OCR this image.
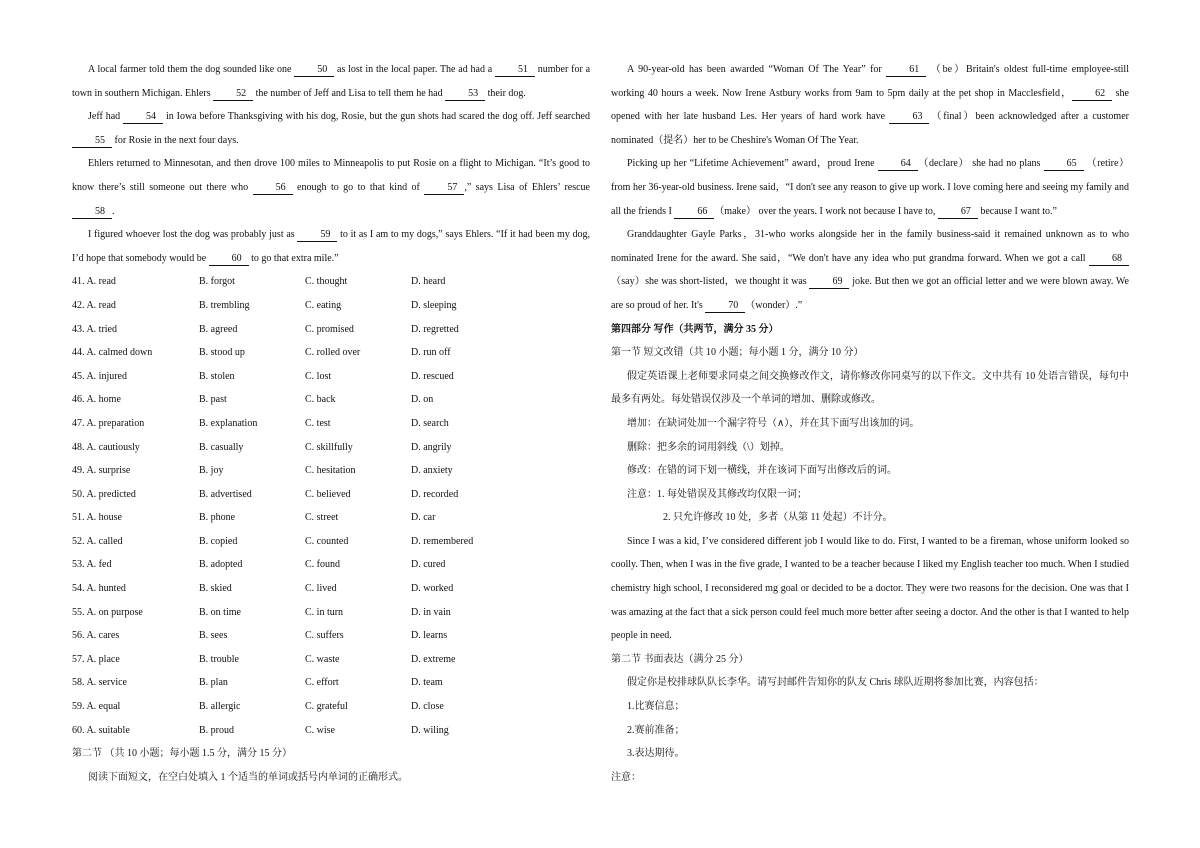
A local farmer told them the dog sounded like one 50 as lost in the local paper. The ad had a 51 number for a town in southern Michigan. Ehlers 52 the number of Jeff and Lisa to tell them he had 53 their dog.

Jeff had 54 in Iowa before Thanksgiving with his dog, Rosie, but the gun shots had scared the dog off. Jeff searched 55 for Rosie in the next four days.

Ehlers returned to Minnesotan, and then drove 100 miles to Minneapolis to put Rosie on a flight to Michigan. “It’s good to know there’s still someone out there who 56 enough to go to that kind of 57 ,” says Lisa of Ehlers’ rescue 58 .

I figured whoever lost the dog was probably just as 59 to it as I am to my dogs,” says Ehlers. “If it had been my dog, I’d hope that somebody would be 60 to go that extra mile.”

41. A. read	B. forgot	C. thought	D. heard
42. A. read	B. trembling	C. eating	D. sleeping
43. A. tried	B. agreed	C. promised	D. regretted
44. A. calmed down	B. stood up	C. rolled over	D. run off
45. A. injured	B. stolen	C. lost	D. rescued
46. A. home	B. past	C. back	D. on
47. A. preparation	B. explanation	C. test	D. search
48. A. cautiously	B. casually	C. skillfully	D. angrily
49. A. surprise	B. joy	C. hesitation	D. anxiety
50. A. predicted	B. advertised	C. believed	D. recorded
51. A. house	B. phone	C. street	D. car
52. A. called	B. copied	C. counted	D. remembered
53. A. fed	B. adopted	C. found	D. cured
54. A. hunted	B. skied	C. lived	D. worked
55. A. on purpose	B. on time	C. in turn	D. in vain
56. A. cares	B. sees	C. suffers	D. learns
57. A. place	B. trouble	C. waste	D. extreme
58. A. service	B. plan	C. effort	D. team
59. A. equal	B. allergic	C. grateful	D. close
60. A. suitable	B. proud	C. wise	D. wiling

第二节 （共 10 小题；每小题 1.5 分，满分 15 分）

阅读下面短文，在空白处填入 1 个适当的单词或括号内单词的正确形式。

A 90-year-old has been awarded “Woman Of The Year” for 61 （be）Britain's oldest full-time employee-still working 40 hours a week. Now Irene Astbury works from 9am to 5pm daily at the pet shop in Macclesfield， 62 she opened with her late husband Les. Her years of hard work have 63 （final）been acknowledged after a customer nominated（提名）her to be Cheshire's Woman Of The Year.

Picking up her “Lifetime Achievement” award，proud Irene 64 （declare） she had no plans 65 （retire）from her 36-year-old business. Irene said，“I don't see any reason to give up work. I love coming here and seeing my family and all the friends I 66 （make） over the years. I work not because I have to, 67 because I want to.”

Granddaughter Gayle Parks，31-who works alongside her in the family business-said it remained unknown as to who nominated Irene for the award. She said，“We don't have any idea who put grandma forward. When we got a call 68 （say）she was short-listed，we thought it was 69 joke. But then we got an official letter and we were blown away. We are so proud of her. It's 70 （wonder）.”

第四部分 写作（共两节，满分 35 分）

第一节 短文改错（共 10 小题；每小题 1 分，满分 10 分）

假定英语课上老师要求同桌之间交换修改作文，请你修改你同桌写的以下作文。文中共有 10 处语言错误，每句中最多有两处。每处错误仅涉及一个单词的增加、删除或修改。

增加：在缺词处加一个漏字符号（∧），并在其下面写出该加的词。

删除：把多余的词用斜线（\）划掉。

修改：在错的词下划一横线，并在该词下面写出修改后的词。

注意：1. 每处错误及其修改均仅限一词；

2. 只允许修改 10 处，多者（从第 11 处起）不计分。

Since I was a kid, I’ve considered different job I would like to do. First, I wanted to be a fireman, whose uniform looked so coolly. Then, when I was in the five grade, I wanted to be a teacher because I liked my English teacher too much. When I studied chemistry high school, I reconsidered mg goal or decided to be a doctor. They were two reasons for the decision. One was that I was amazing at the fact that a sick person could feel much more better after seeing a doctor. And the other is that I wanted to help people in need.

第二节 书面表达（满分 25 分）

假定你是校排球队队长李华。请写封邮件告知你的队友 Chris 球队近期将参加比赛，内容包括：

1.比赛信息；

2.赛前准备；

3.表达期待。

注意：
